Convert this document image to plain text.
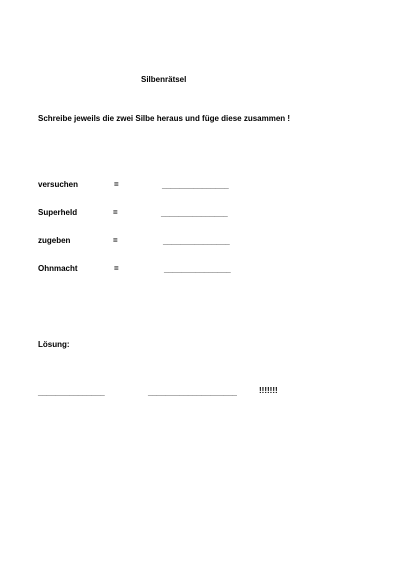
Silbenrätsel
Schreibe jeweils die zwei Silbe heraus und füge diese zusammen !
versuchen	=	_______________
Superheld	=	_______________
zugeben	=	_______________
Ohnmacht	=	_______________
Lösung:
_______________	____________________	!!!!!!!
